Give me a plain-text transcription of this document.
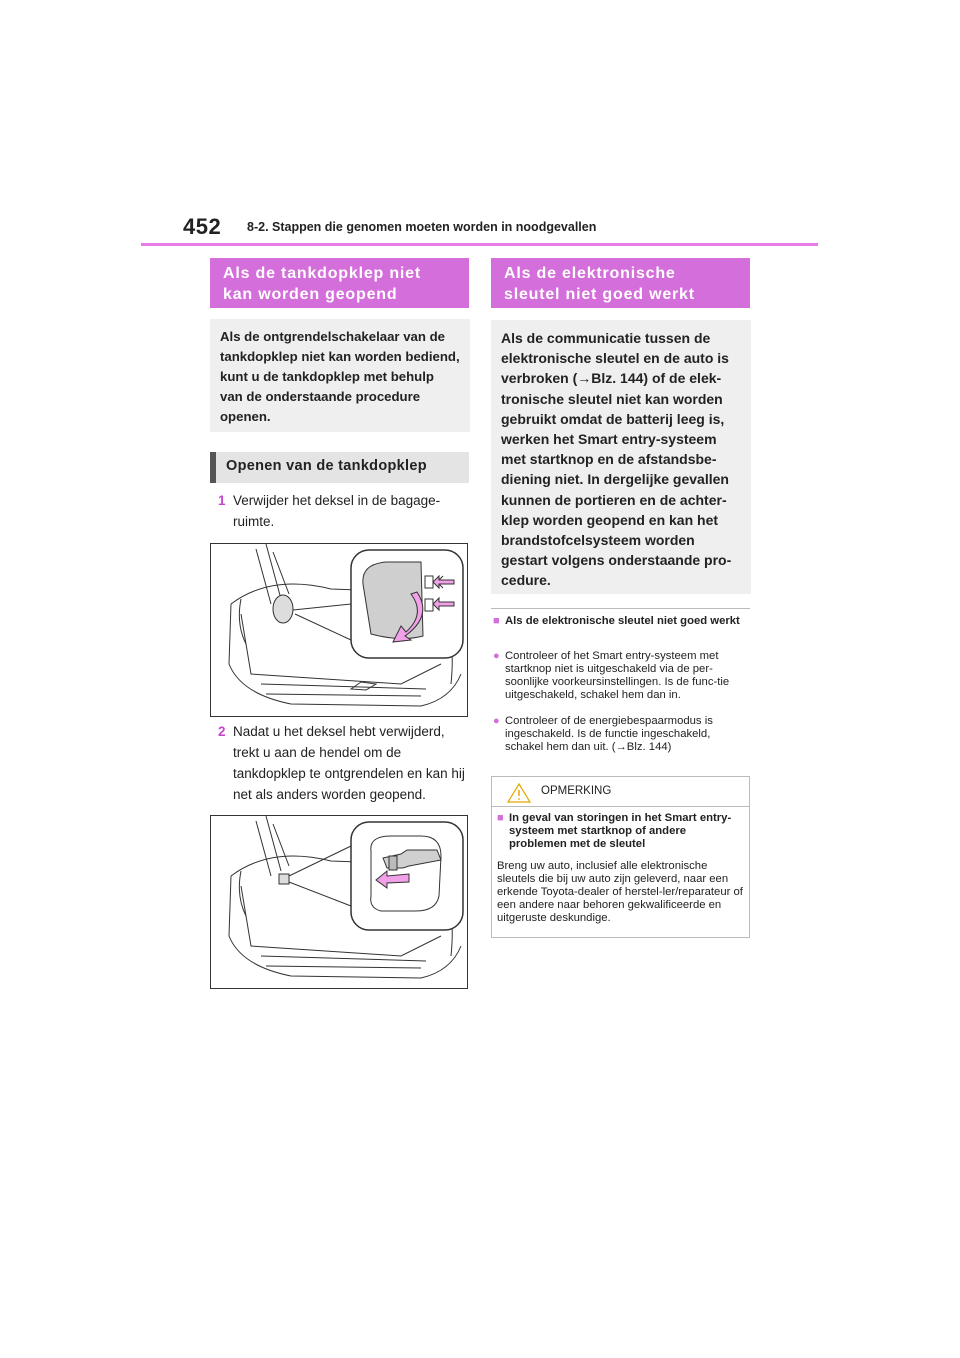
452 8-2. Stappen die genomen moeten worden in noodgevallen
Als de tankdopklep niet kan worden geopend
Als de ontgrendelschakelaar van de tankdopklep niet kan worden bediend, kunt u de tankdopklep met behulp van de onderstaande procedure openen.
Openen van de tankdopklep
1 Verwijder het deksel in de bagage-ruimte.
2 Nadat u het deksel hebt verwijderd, trekt u aan de hendel om de tankdopklep te ontgrendelen en kan hij net als anders worden geopend.
Als de elektronische sleutel niet goed werkt
Als de communicatie tussen de elektronische sleutel en de auto is verbroken (→Blz. 144) of de elek-tronische sleutel niet kan worden gebruikt omdat de batterij leeg is, werken het Smart entry-systeem met startknop en de afstandsbe-diening niet. In dergelijke gevallen kunnen de portieren en de achter-klep worden geopend en kan het brandstofcelsysteem worden gestart volgens onderstaande pro-cedure.
■ Als de elektronische sleutel niet goed werkt
● Controleer of het Smart entry-systeem met startknop niet is uitgeschakeld via de per-soonlijke voorkeursinstellingen. Is de func-tie uitgeschakeld, schakel hem dan in.
● Controleer of de energiebespaarmodus is ingeschakeld. Is de functie ingeschakeld, schakel hem dan uit. (→Blz. 144)
OPMERKING
■ In geval van storingen in het Smart entry-systeem met startknop of andere problemen met de sleutel
Breng uw auto, inclusief alle elektronische sleutels die bij uw auto zijn geleverd, naar een erkende Toyota-dealer of herstel-ler/reparateur of een andere naar behoren gekwalificeerde en uitgeruste deskundige.
